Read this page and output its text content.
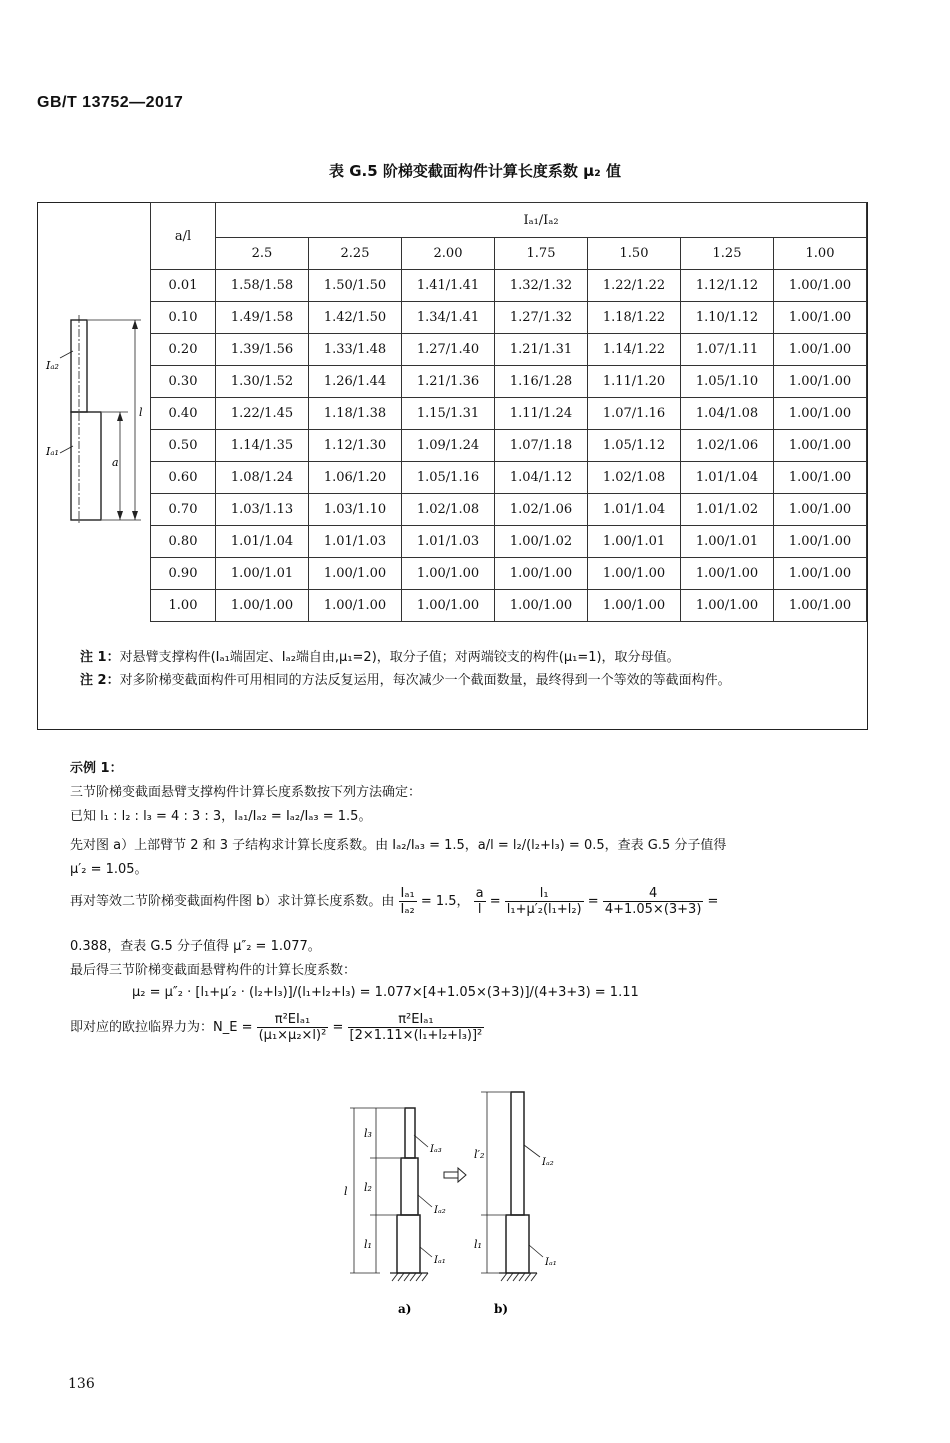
GB/T 13752—2017
表 G.5 阶梯变截面构件计算长度系数 μ₂ 值
Iₐ₂
Iₐ₁
l
a
a/l	Iₐ₁/Iₐ₂						
	2.5	2.25	2.00	1.75	1.50	1.25	1.00
0.01	1.58/1.58	1.50/1.50	1.41/1.41	1.32/1.32	1.22/1.22	1.12/1.12	1.00/1.00
0.10	1.49/1.58	1.42/1.50	1.34/1.41	1.27/1.32	1.18/1.22	1.10/1.12	1.00/1.00
0.20	1.39/1.56	1.33/1.48	1.27/1.40	1.21/1.31	1.14/1.22	1.07/1.11	1.00/1.00
0.30	1.30/1.52	1.26/1.44	1.21/1.36	1.16/1.28	1.11/1.20	1.05/1.10	1.00/1.00
0.40	1.22/1.45	1.18/1.38	1.15/1.31	1.11/1.24	1.07/1.16	1.04/1.08	1.00/1.00
0.50	1.14/1.35	1.12/1.30	1.09/1.24	1.07/1.18	1.05/1.12	1.02/1.06	1.00/1.00
0.60	1.08/1.24	1.06/1.20	1.05/1.16	1.04/1.12	1.02/1.08	1.01/1.04	1.00/1.00
0.70	1.03/1.13	1.03/1.10	1.02/1.08	1.02/1.06	1.01/1.04	1.01/1.02	1.00/1.00
0.80	1.01/1.04	1.01/1.03	1.01/1.03	1.00/1.02	1.00/1.01	1.00/1.01	1.00/1.00
0.90	1.00/1.01	1.00/1.00	1.00/1.00	1.00/1.00	1.00/1.00	1.00/1.00	1.00/1.00
1.00	1.00/1.00	1.00/1.00	1.00/1.00	1.00/1.00	1.00/1.00	1.00/1.00	1.00/1.00
注 1：对悬臂支撑构件(Iₐ₁端固定、Iₐ₂端自由,μ₁=2)，取分子值；对两端铰支的构件(μ₁=1)，取分母值。
注 2：对多阶梯变截面构件可用相同的方法反复运用，每次减少一个截面数量，最终得到一个等效的等截面构件。
示例 1：
三节阶梯变截面悬臂支撑构件计算长度系数按下列方法确定：
已知 l₁ : l₂ : l₃ = 4 : 3 : 3，Iₐ₁/Iₐ₂ = Iₐ₂/Iₐ₃ = 1.5。
先对图 a）上部臂节 2 和 3 子结构求计算长度系数。由 Iₐ₂/Iₐ₃ = 1.5，a/l = l₂/(l₂+l₃) = 0.5，查表 G.5 分子值得
μ′₂ = 1.05。
再对等效二节阶梯变截面构件图 b）求计算长度系数。由 $\frac{\text{Iₐ₁}}{\text{Iₐ₂}} = 1.5$， $\frac{a}{l} = \frac{\text{l₁}}{\text{l₁+μ′₂(l₁+l₂)}} = \frac{4}{4+1.05\times(3+3)}$ =
0.388，查表 G.5 分子值得 μ″₂ = 1.077。
最后得三节阶梯变截面悬臂构件的计算长度系数：
μ₂ = μ″₂ · [l₁+μ′₂ · (l₂+l₃)]/(l₁+l₂+l₃) = 1.077×[4+1.05×(3+3)]/(4+3+3) = 1.11
即对应的欧拉临界力为：N_E = $\frac{\text{π²EIₐ₁}}{\text{(μ₁×μ₂×l)²}} = \frac{\text{π²EIₐ₁}}{\text{[2×1.11×(l₁+l₂+l₃)]²}}$
l
l₃
l₂
l₁
Iₐ₃
Iₐ₂
Iₐ₁
a)
l′₂
l₁
Iₐ₂
Iₐ₁
b)
136
